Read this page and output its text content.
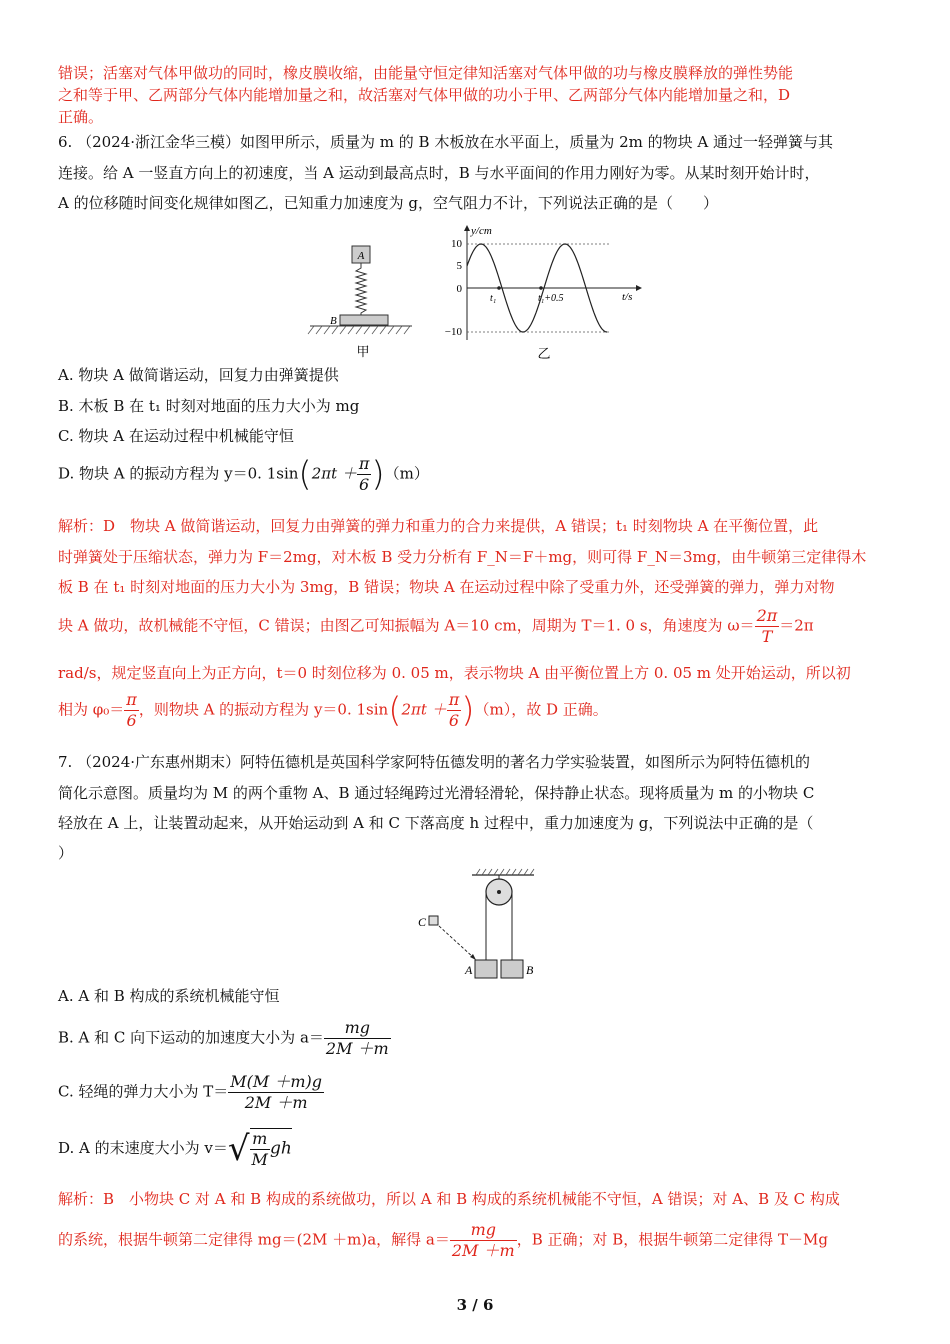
错误；活塞对气体甲做功的同时，橡皮膜收缩，由能量守恒定律知活塞对气体甲做的功与橡皮膜释放的弹性势能
之和等于甲、乙两部分气体内能增加量之和，故活塞对气体甲做的功小于甲、乙两部分气体内能增加量之和，D
正确。
6. （2024·浙江金华三模）如图甲所示，质量为 m 的 B 木板放在水平面上，质量为 2m 的物块 A 通过一轻弹簧与其
连接。给 A 一竖直方向上的初速度，当 A 运动到最高点时，B 与水平面间的作用力刚好为零。从某时刻开始计时，
A 的位移随时间变化规律如图乙，已知重力加速度为 g，空气阻力不计，下列说法正确的是（　　）
A
B
甲
y/cm
t/s
10
5
0
−10
t₁	t₁+0.5
乙
A. 物块 A 做简谐运动，回复力由弹簧提供
B. 木板 B 在 t₁ 时刻对地面的压力大小为 mg
C. 物块 A 在运动过程中机械能守恒
D. 物块 A 的振动方程为 y＝0. $1\sin(2\pi t + \frac{\pi}{6} )(m)$
解析：D　物块 A 做简谐运动，回复力由弹簧的弹力和重力的合力来提供，A 错误；t₁ 时刻物块 A 在平衡位置，此
时弹簧处于压缩状态，弹力为 F＝2mg，对木板 B 受力分析有 F_N＝F＋mg，则可得 F_N＝3mg，由牛顿第三定律得木
板 B 在 t₁ 时刻对地面的压力大小为 3mg，B 错误；物块 A 在运动过程中除了受重力外，还受弹簧的弹力，弹力对物
块 A 做功，故机械能不守恒，C 错误；由图乙可知振幅为 A＝10 cm，周期为 T＝1. 0 s，角速度为 $\omega= \frac{2\pi}{T} =2\pi$
rad/s，规定竖直向上为正方向，t＝0 时刻位移为 0. 05 m，表示物块 A 由平衡位置上方 0. 05 m 处开始运动，所以初
相为 $\varphi_0= \frac{\pi}{6}$ ，则物块 A 的振动方程为 y＝0. $1\sin(2\pi t + \frac{\pi}{6} )(m)$，故 D 正确。
7. （2024·广东惠州期末）阿特伍德机是英国科学家阿特伍德发明的著名力学实验装置，如图所示为阿特伍德机的
简化示意图。质量均为 M 的两个重物 A、B 通过轻绳跨过光滑轻滑轮，保持静止状态。现将质量为 m 的小物块 C
轻放在 A 上，让装置动起来，从开始运动到 A 和 C 下落高度 h 过程中，重力加速度为 g，下列说法中正确的是（
）
A	B
C
A. A 和 B 构成的系统机械能守恒
B. A 和 C 向下运动的加速度大小为 $a= \frac{mg}{2M +m}$
C. 轻绳的弹力大小为 $T= \frac{M(M +m)g}{2M +m}$
D. A 的末速度大小为 $v=√ \frac{m}{M}$ gh
解析：B　小物块 C 对 A 和 B 构成的系统做功，所以 A 和 B 构成的系统机械能不守恒，A 错误；对 A、B 及 C 构成
的系统，根据牛顿第二定律得 mg＝(2M ＋m)a，解得 $a= \frac{mg}{2M +m}$ ，B 正确；对 B，根据牛顿第二定律得 T－Mg
3 / 6
